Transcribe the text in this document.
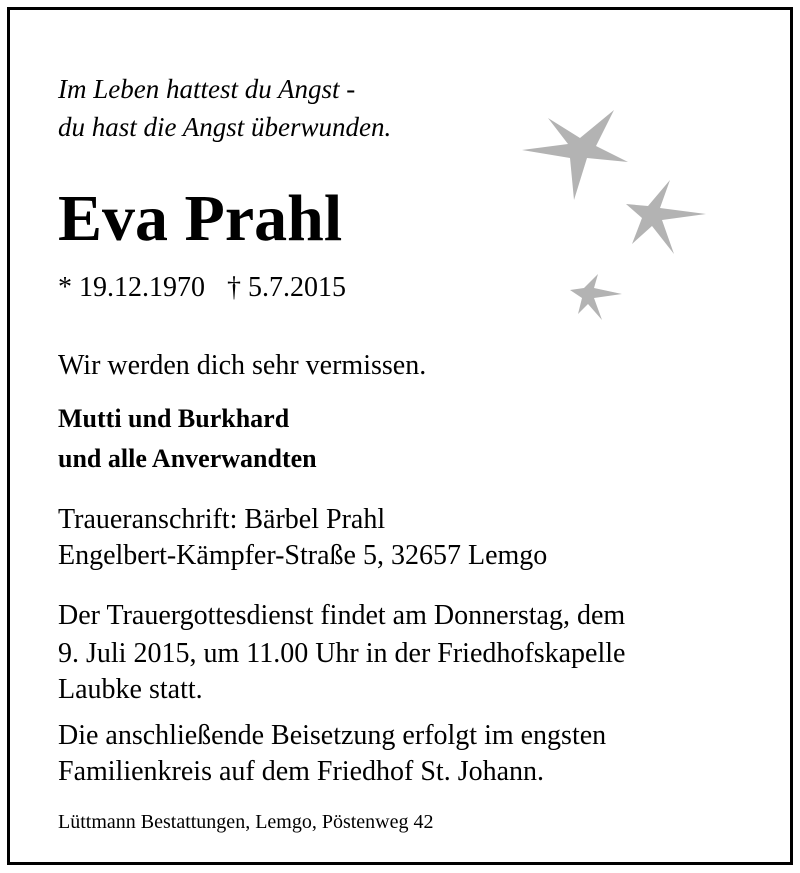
Im Leben hattest du Angst -

du hast die Angst überwunden.

Eva Prahl

* 19.12.1970 † 5.7.2015

Wir werden dich sehr vermissen.

Mutti und Burkhard

und alle Anverwandten

Traueranschrift: Bärbel Prahl

Engelbert-Kämpfer-Straße 5, 32657 Lemgo

Der Trauergottesdienst findet am Donnerstag, dem

9. Juli 2015, um 11.00 Uhr in der Friedhofskapelle

Laubke statt.

Die anschließende Beisetzung erfolgt im engsten

Familienkreis auf dem Friedhof St. Johann.

Lüttmann Bestattungen, Lemgo, Pöstenweg 42
